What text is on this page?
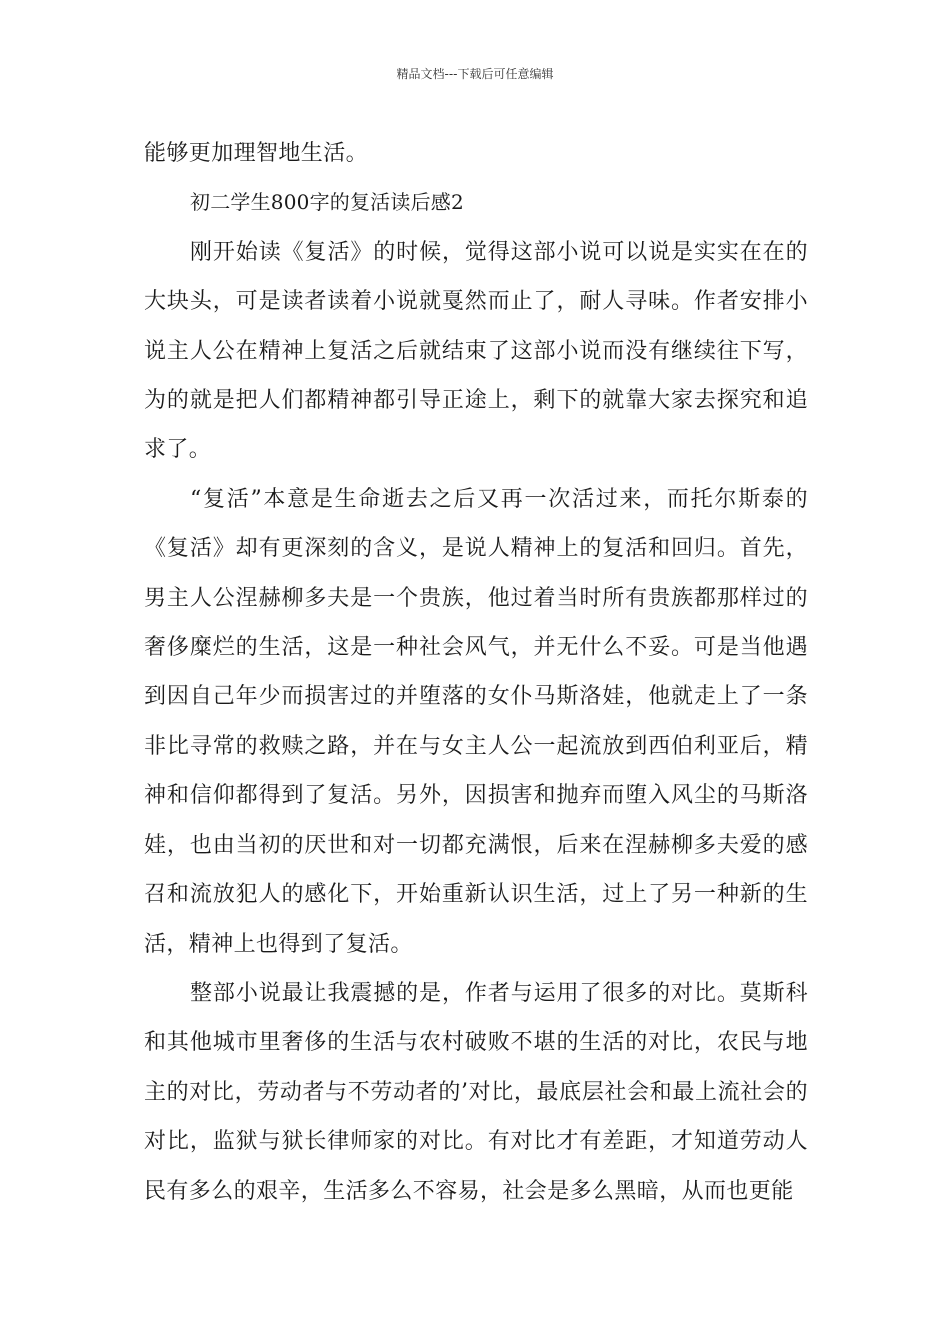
精品文档---下载后可任意编辑

能够更加理智地生活。

初二学生800字的复活读后感2

刚开始读《复活》的时候，觉得这部小说可以说是实实在在的大块头，可是读者读着小说就戛然而止了，耐人寻味。作者安排小说主人公在精神上复活之后就结束了这部小说而没有继续往下写，为的就是把人们都精神都引导正途上，剩下的就靠大家去探究和追求了。

“复活”本意是生命逝去之后又再一次活过来，而托尔斯泰的《复活》却有更深刻的含义，是说人精神上的复活和回归。首先，男主人公涅赫柳多夫是一个贵族，他过着当时所有贵族都那样过的奢侈糜烂的生活，这是一种社会风气，并无什么不妥。可是当他遇到因自己年少而损害过的并堕落的女仆马斯洛娃，他就走上了一条非比寻常的救赎之路，并在与女主人公一起流放到西伯利亚后，精神和信仰都得到了复活。另外，因损害和抛弃而堕入风尘的马斯洛娃，也由当初的厌世和对一切都充满恨，后来在涅赫柳多夫爱的感召和流放犯人的感化下，开始重新认识生活，过上了另一种新的生活，精神上也得到了复活。

整部小说最让我震撼的是，作者与运用了很多的对比。莫斯科和其他城市里奢侈的生活与农村破败不堪的生活的对比，农民与地主的对比，劳动者与不劳动者的’对比，最底层社会和最上流社会的对比，监狱与狱长律师家的对比。有对比才有差距，才知道劳动人民有多么的艰辛，生活多么不容易，社会是多么黑暗，从而也更能
